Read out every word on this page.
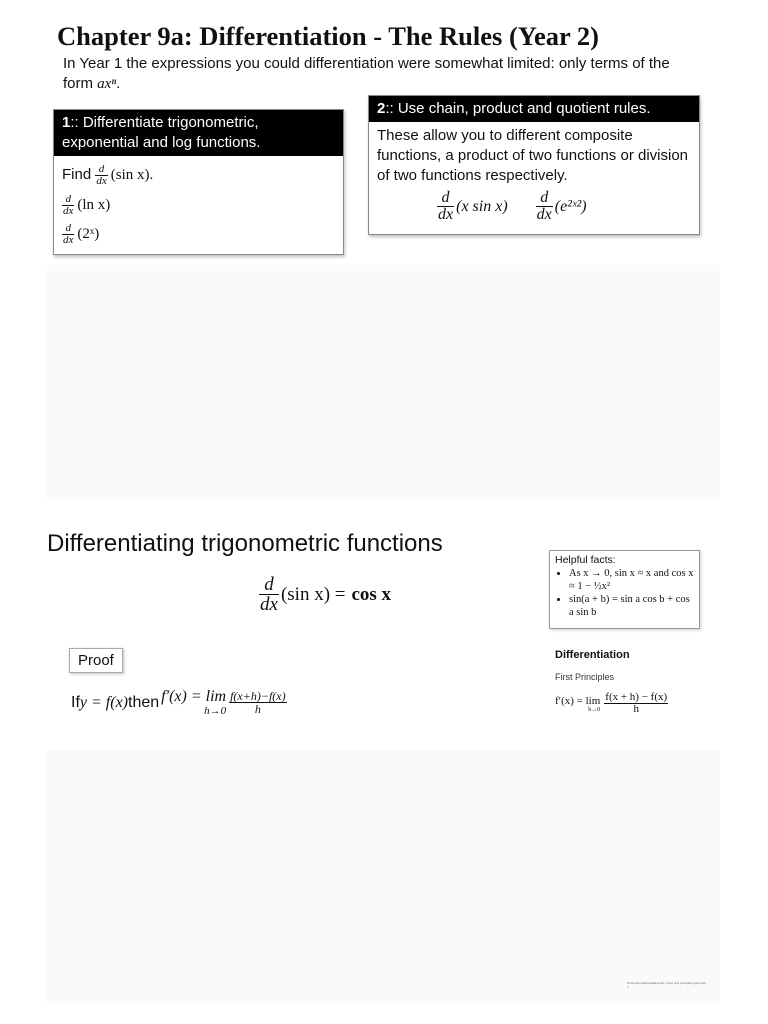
Chapter 9a: Differentiation - The Rules (Year 2)
In Year 1 the expressions you could differentiation were somewhat limited: only terms of the form axⁿ.
1:: Differentiate trigonometric, exponential and log functions.
Find
$\frac{d}{dx} (\sin$ x).
$\frac{d}{dx} (\ln$ x)
$\frac{d}{dx}$ (2ˣ)
2:: Use chain, product and quotient rules.
These allow you to different composite functions, a product of two functions or division of two functions respectively.
$\frac{d}{dx} (x$ $\sin x) \frac{d}{dx}$ (e²ˣ²)
Differentiating trigonometric functions
$\frac{d}{dx} (\sin$ x) = cos x
Helpful facts:
• As x → 0, sin x ≈ x and cos x ≈ 1 − ½x²
• sin(a + b) = sin a cos b + cos a sin b
Proof
If y = f(x) then f′(x) = lim
$h\to 0 \frac{f(x+h)-f(x)}{h}$
Differentiation
First Principles
f′(x) = lim
$h\to 0 \frac{f(x + h) - f(x)}{h}$
Prove that differentiating sin x from first principles gives cos x
